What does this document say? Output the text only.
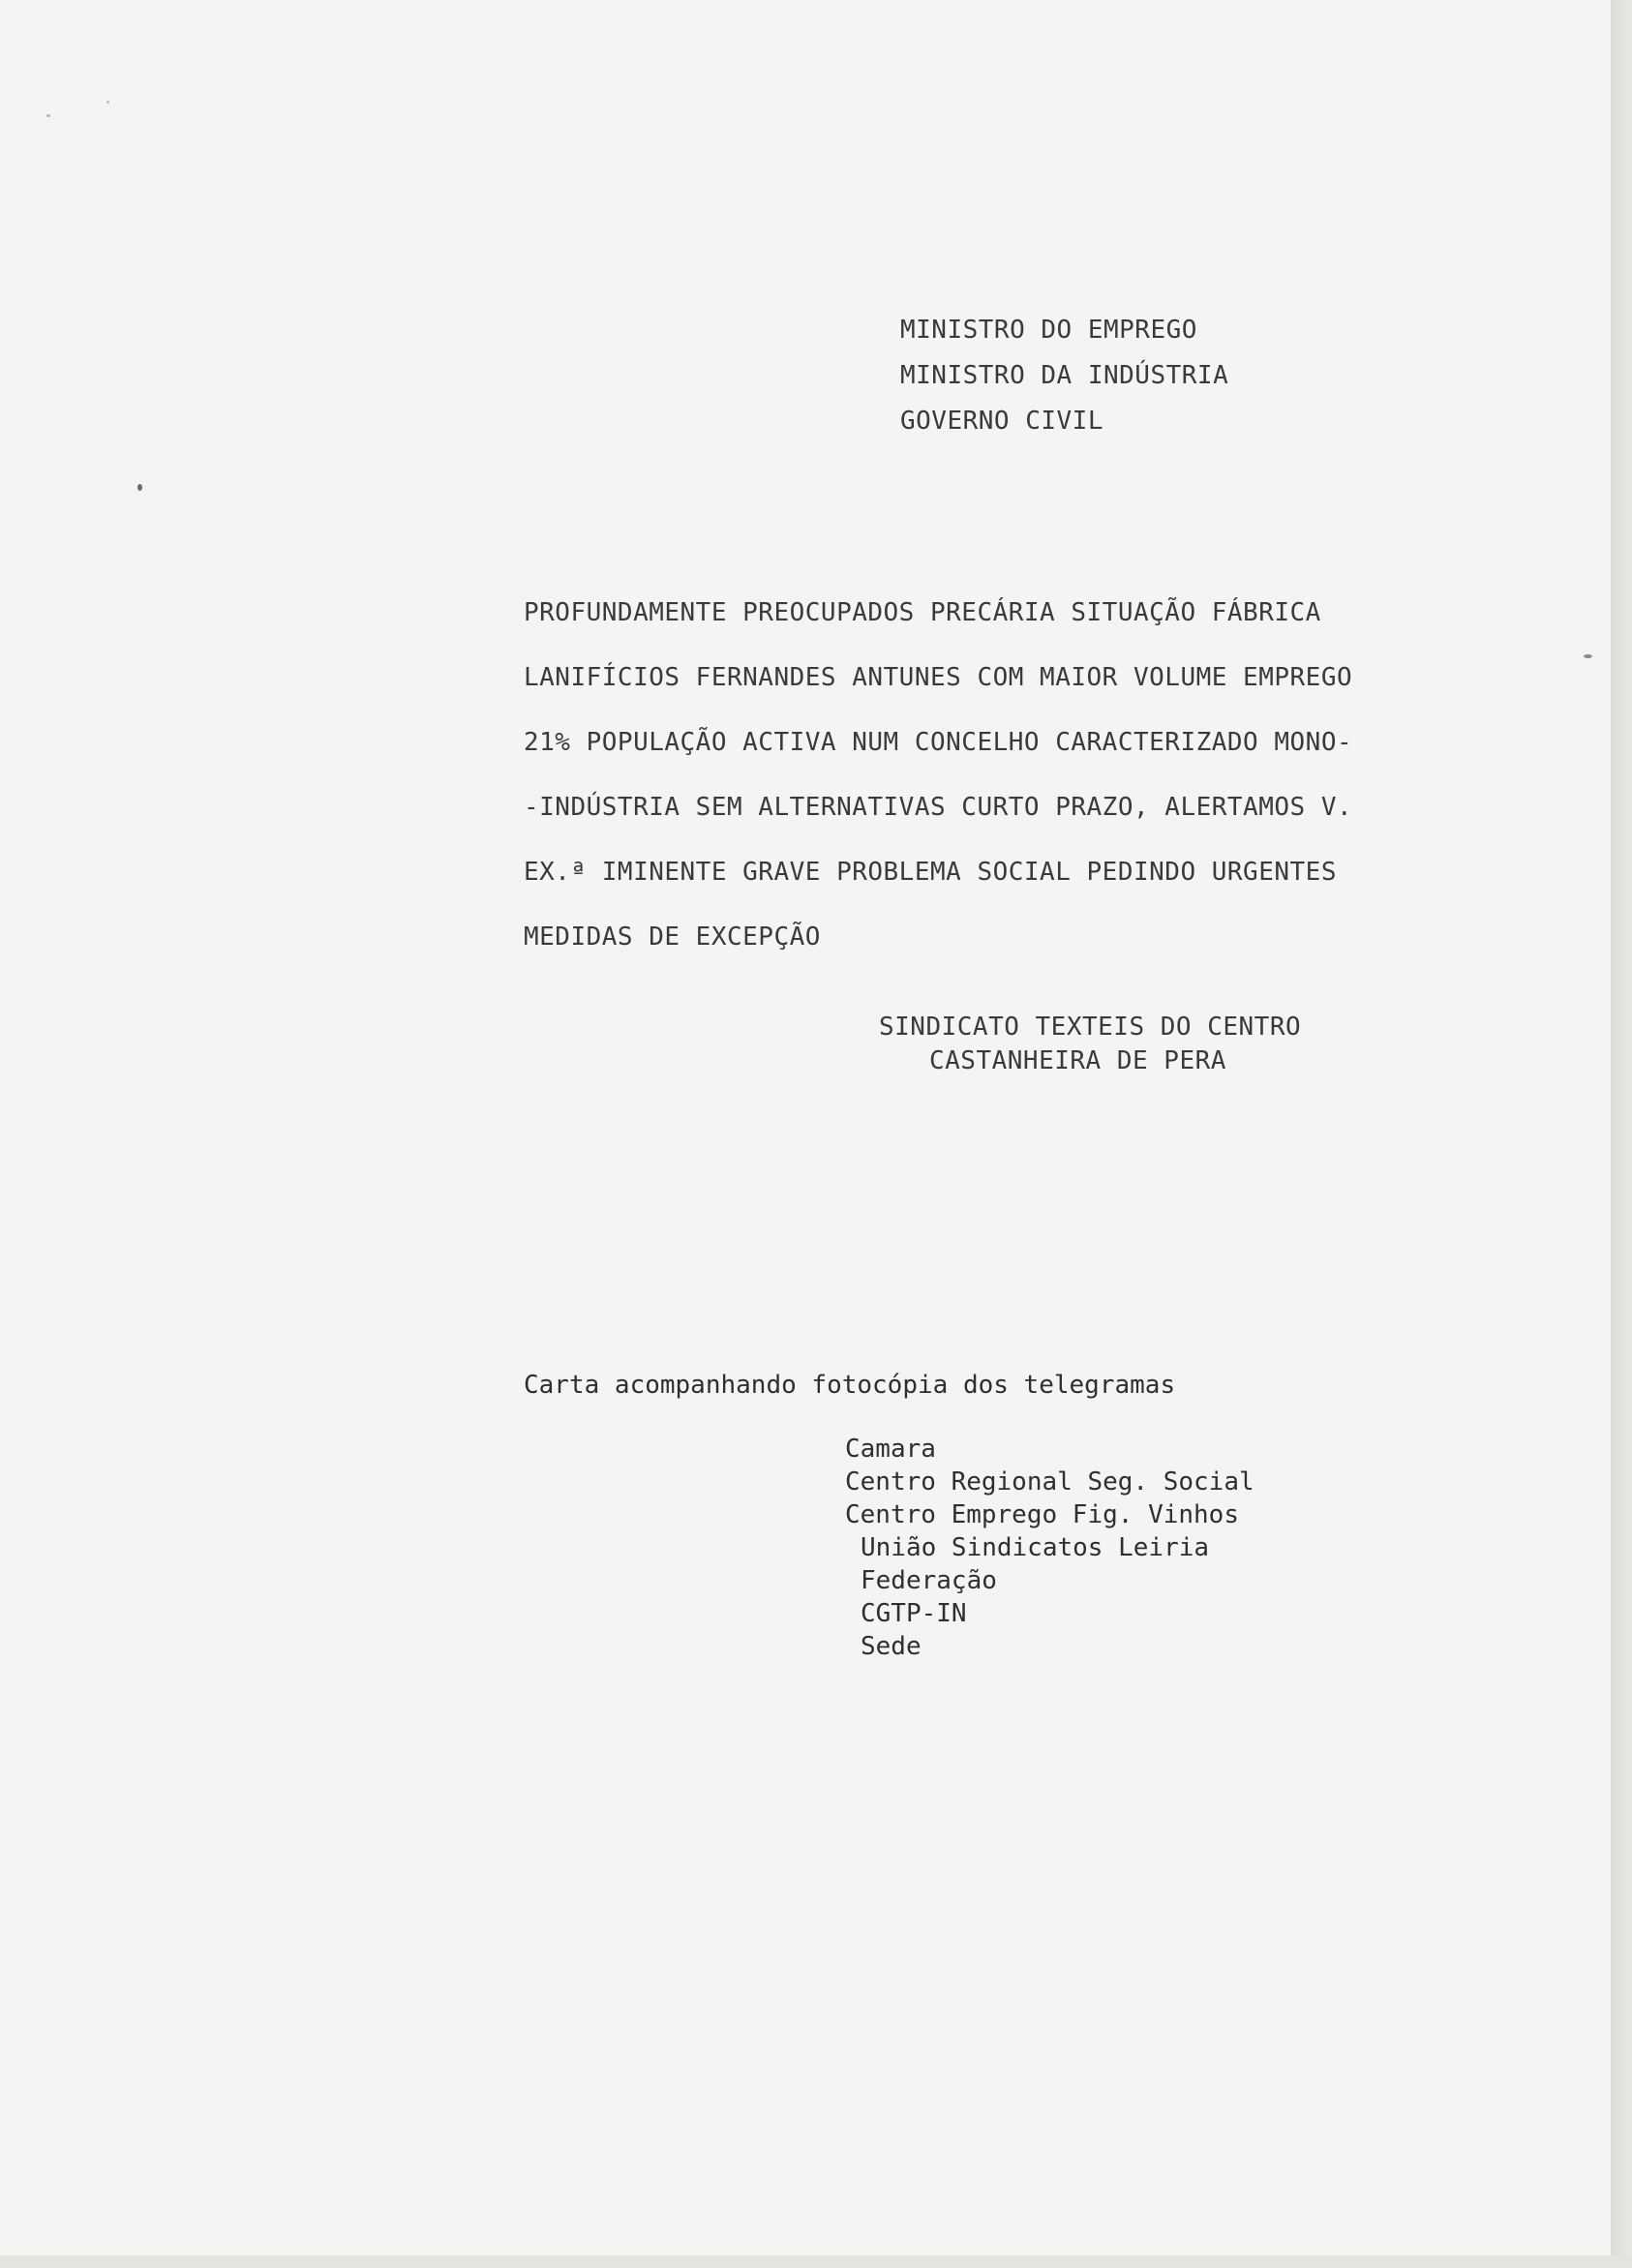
MINISTRO DO EMPREGO
MINISTRO DA INDÚSTRIA
GOVERNO CIVIL
PROFUNDAMENTE PREOCUPADOS PRECÁRIA SITUAÇÃO FÁBRICA
LANIFÍCIOS FERNANDES ANTUNES COM MAIOR VOLUME EMPREGO
21% POPULAÇÃO ACTIVA NUM CONCELHO CARACTERIZADO MONO-
-INDÚSTRIA SEM ALTERNATIVAS CURTO PRAZO, ALERTAMOS V.
EX.ª IMINENTE GRAVE PROBLEMA SOCIAL PEDINDO URGENTES
MEDIDAS DE EXCEPÇÃO
SINDICATO TEXTEIS DO CENTRO
CASTANHEIRA DE PERA
Carta acompanhando fotocópia dos telegramas
Camara
Centro Regional Seg. Social
Centro Emprego Fig. Vinhos
União Sindicatos Leiria
Federação
CGTP-IN
Sede
